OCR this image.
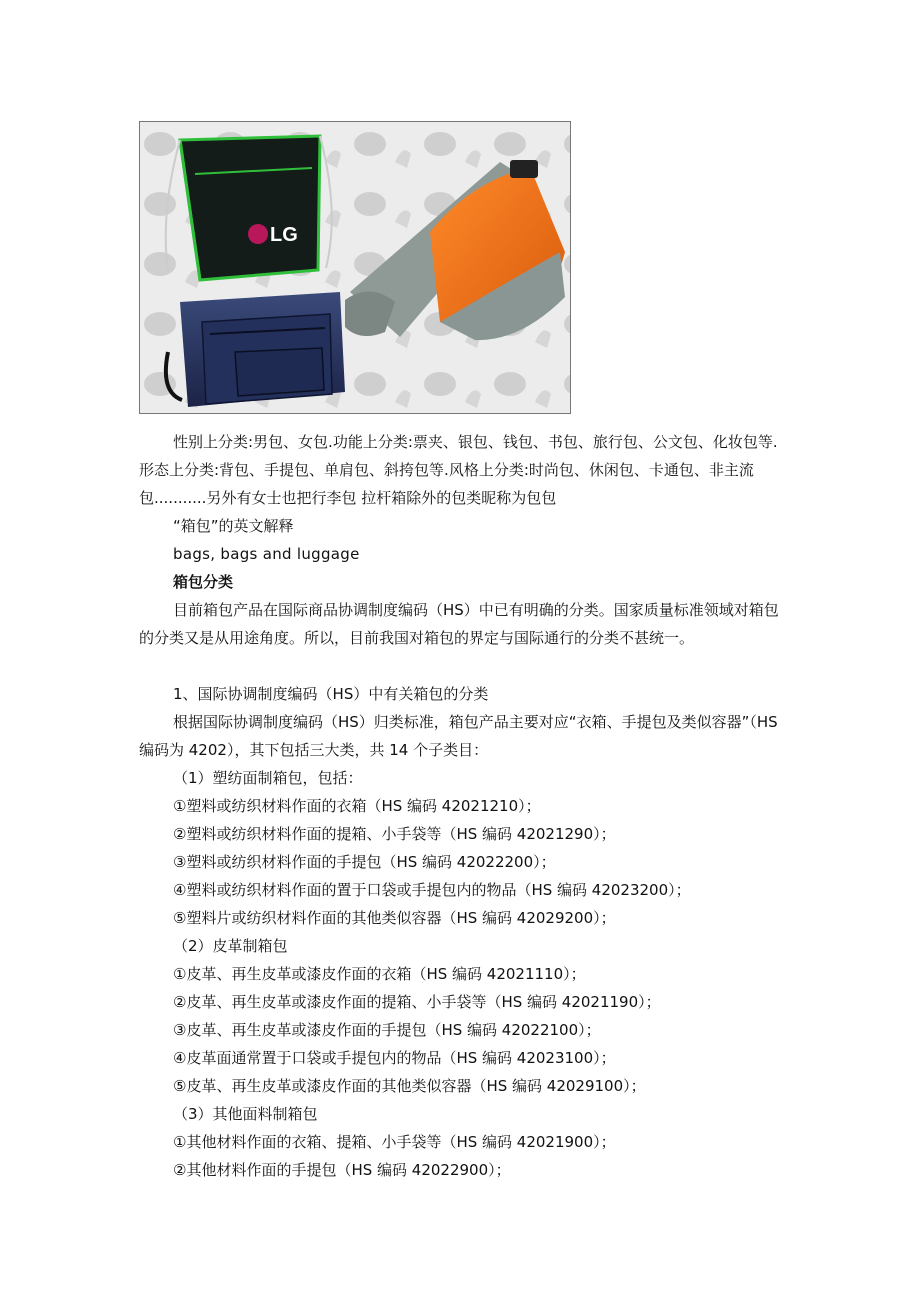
LG
性别上分类:男包、女包.功能上分类:票夹、银包、钱包、书包、旅行包、公文包、化妆包等.形态上分类:背包、手提包、单肩包、斜挎包等.风格上分类:时尚包、休闲包、卡通包、非主流包...........另外有女士也把行李包 拉杆箱除外的包类昵称为包包
“箱包”的英文解释
bags, bags and luggage
箱包分类
目前箱包产品在国际商品协调制度编码（HS）中已有明确的分类。国家质量标准领域对箱包的分类又是从用途角度。所以，目前我国对箱包的界定与国际通行的分类不甚统一。
1、国际协调制度编码（HS）中有关箱包的分类
根据国际协调制度编码（HS）归类标准，箱包产品主要对应“衣箱、手提包及类似容器”（HS 编码为 4202），其下包括三大类，共 14 个子类目：
（1）塑纺面制箱包，包括：
①塑料或纺织材料作面的衣箱（HS 编码 42021210）；
②塑料或纺织材料作面的提箱、小手袋等（HS 编码 42021290）；
③塑料或纺织材料作面的手提包（HS 编码 42022200）；
④塑料或纺织材料作面的置于口袋或手提包内的物品（HS 编码 42023200）；
⑤塑料片或纺织材料作面的其他类似容器（HS 编码 42029200）；
（2）皮革制箱包
①皮革、再生皮革或漆皮作面的衣箱（HS 编码 42021110）；
②皮革、再生皮革或漆皮作面的提箱、小手袋等（HS 编码 42021190）；
③皮革、再生皮革或漆皮作面的手提包（HS 编码 42022100）；
④皮革面通常置于口袋或手提包内的物品（HS 编码 42023100）；
⑤皮革、再生皮革或漆皮作面的其他类似容器（HS 编码 42029100）；
（3）其他面料制箱包
①其他材料作面的衣箱、提箱、小手袋等（HS 编码 42021900）；
②其他材料作面的手提包（HS 编码 42022900）；
